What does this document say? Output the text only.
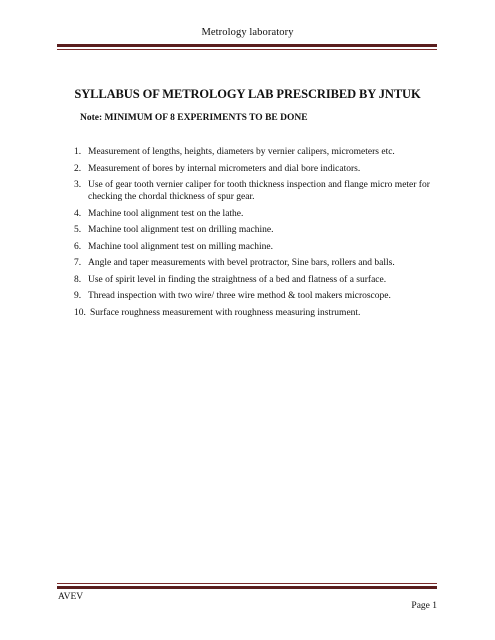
Metrology laboratory
SYLLABUS OF METROLOGY LAB PRESCRIBED BY JNTUK
Note: MINIMUM OF 8 EXPERIMENTS TO BE DONE
1. Measurement of lengths, heights, diameters by vernier calipers, micrometers etc.
2. Measurement of bores by internal micrometers and dial bore indicators.
3. Use of gear tooth vernier caliper for tooth thickness inspection and flange micro meter for checking the chordal thickness of spur gear.
4. Machine tool alignment test on the lathe.
5. Machine tool alignment test on drilling machine.
6. Machine tool alignment test on milling machine.
7. Angle and taper measurements with bevel protractor, Sine bars, rollers and balls.
8. Use of spirit level in finding the straightness of a bed and flatness of a surface.
9. Thread inspection with two wire/ three wire method & tool makers microscope.
10. Surface roughness measurement with roughness measuring instrument.
AVEV
Page 1
